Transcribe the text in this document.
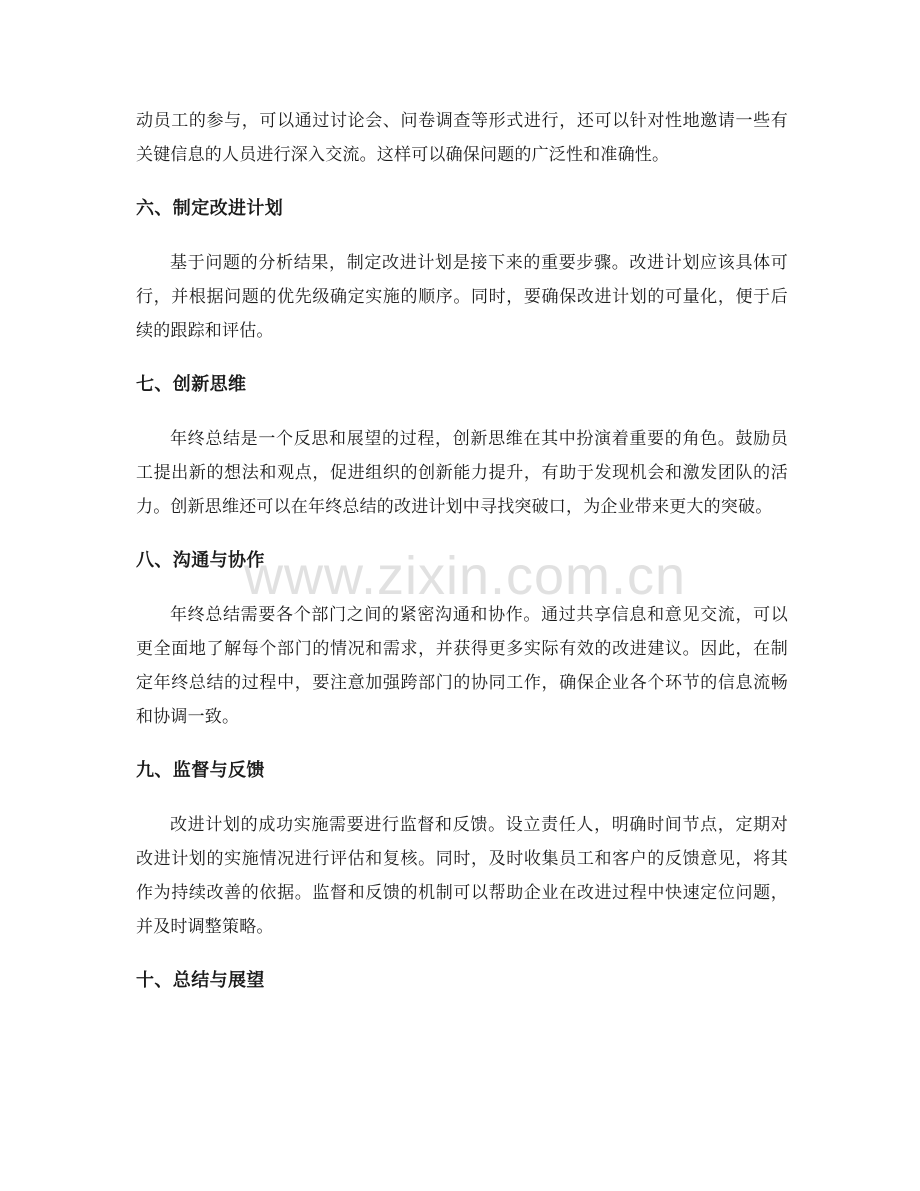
动员工的参与，可以通过讨论会、问卷调查等形式进行，还可以针对性地邀请一些有关键信息的人员进行深入交流。这样可以确保问题的广泛性和准确性。

六、制定改进计划

基于问题的分析结果，制定改进计划是接下来的重要步骤。改进计划应该具体可行，并根据问题的优先级确定实施的顺序。同时，要确保改进计划的可量化，便于后续的跟踪和评估。

七、创新思维

年终总结是一个反思和展望的过程，创新思维在其中扮演着重要的角色。鼓励员工提出新的想法和观点，促进组织的创新能力提升，有助于发现机会和激发团队的活力。创新思维还可以在年终总结的改进计划中寻找突破口，为企业带来更大的突破。

八、沟通与协作

年终总结需要各个部门之间的紧密沟通和协作。通过共享信息和意见交流，可以更全面地了解每个部门的情况和需求，并获得更多实际有效的改进建议。因此，在制定年终总结的过程中，要注意加强跨部门的协同工作，确保企业各个环节的信息流畅和协调一致。

九、监督与反馈

改进计划的成功实施需要进行监督和反馈。设立责任人，明确时间节点，定期对改进计划的实施情况进行评估和复核。同时，及时收集员工和客户的反馈意见，将其作为持续改善的依据。监督和反馈的机制可以帮助企业在改进过程中快速定位问题，并及时调整策略。

十、总结与展望
www.zixin.com.cn
